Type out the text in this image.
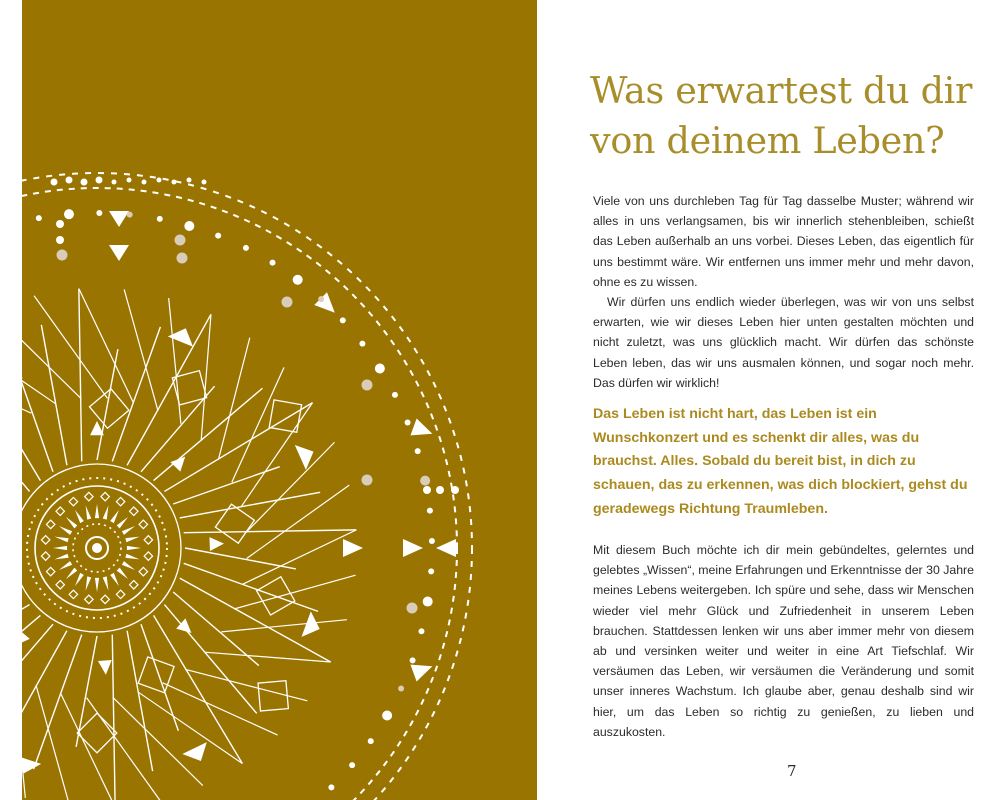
Was erwartest du dir von deinem Leben?

Viele von uns durchleben Tag für Tag dasselbe Muster; während wir alles in uns verlangsamen, bis wir innerlich stehenbleiben, schießt das Leben außerhalb an uns vorbei. Dieses Leben, das eigentlich für uns bestimmt wäre. Wir entfernen uns immer mehr und mehr davon, ohne es zu wissen.

Wir dürfen uns endlich wieder überlegen, was wir von uns selbst erwarten, wie wir dieses Leben hier unten gestalten möchten und nicht zuletzt, was uns glücklich macht. Wir dürfen das schönste Leben leben, das wir uns ausmalen können, und sogar noch mehr. Das dürfen wir wirklich!

Das Leben ist nicht hart, das Leben ist ein Wunschkonzert und es schenkt dir alles, was du brauchst. Alles. Sobald du bereit bist, in dich zu schauen, das zu erkennen, was dich blockiert, gehst du geradewegs Richtung Traumleben.

Mit diesem Buch möchte ich dir mein gebündeltes, gelerntes und gelebtes „Wissen“, meine Erfahrungen und Erkenntnisse der 30 Jahre meines Lebens weitergeben. Ich spüre und sehe, dass wir Menschen wieder viel mehr Glück und Zufriedenheit in unserem Leben brauchen. Stattdessen lenken wir uns aber immer mehr von diesem ab und versinken weiter und weiter in eine Art Tiefschlaf. Wir versäumen das Leben, wir versäumen die Veränderung und somit unser inneres Wachstum. Ich glaube aber, genau deshalb sind wir hier, um das Leben so richtig zu genießen, zu lieben und auszukosten.

7
